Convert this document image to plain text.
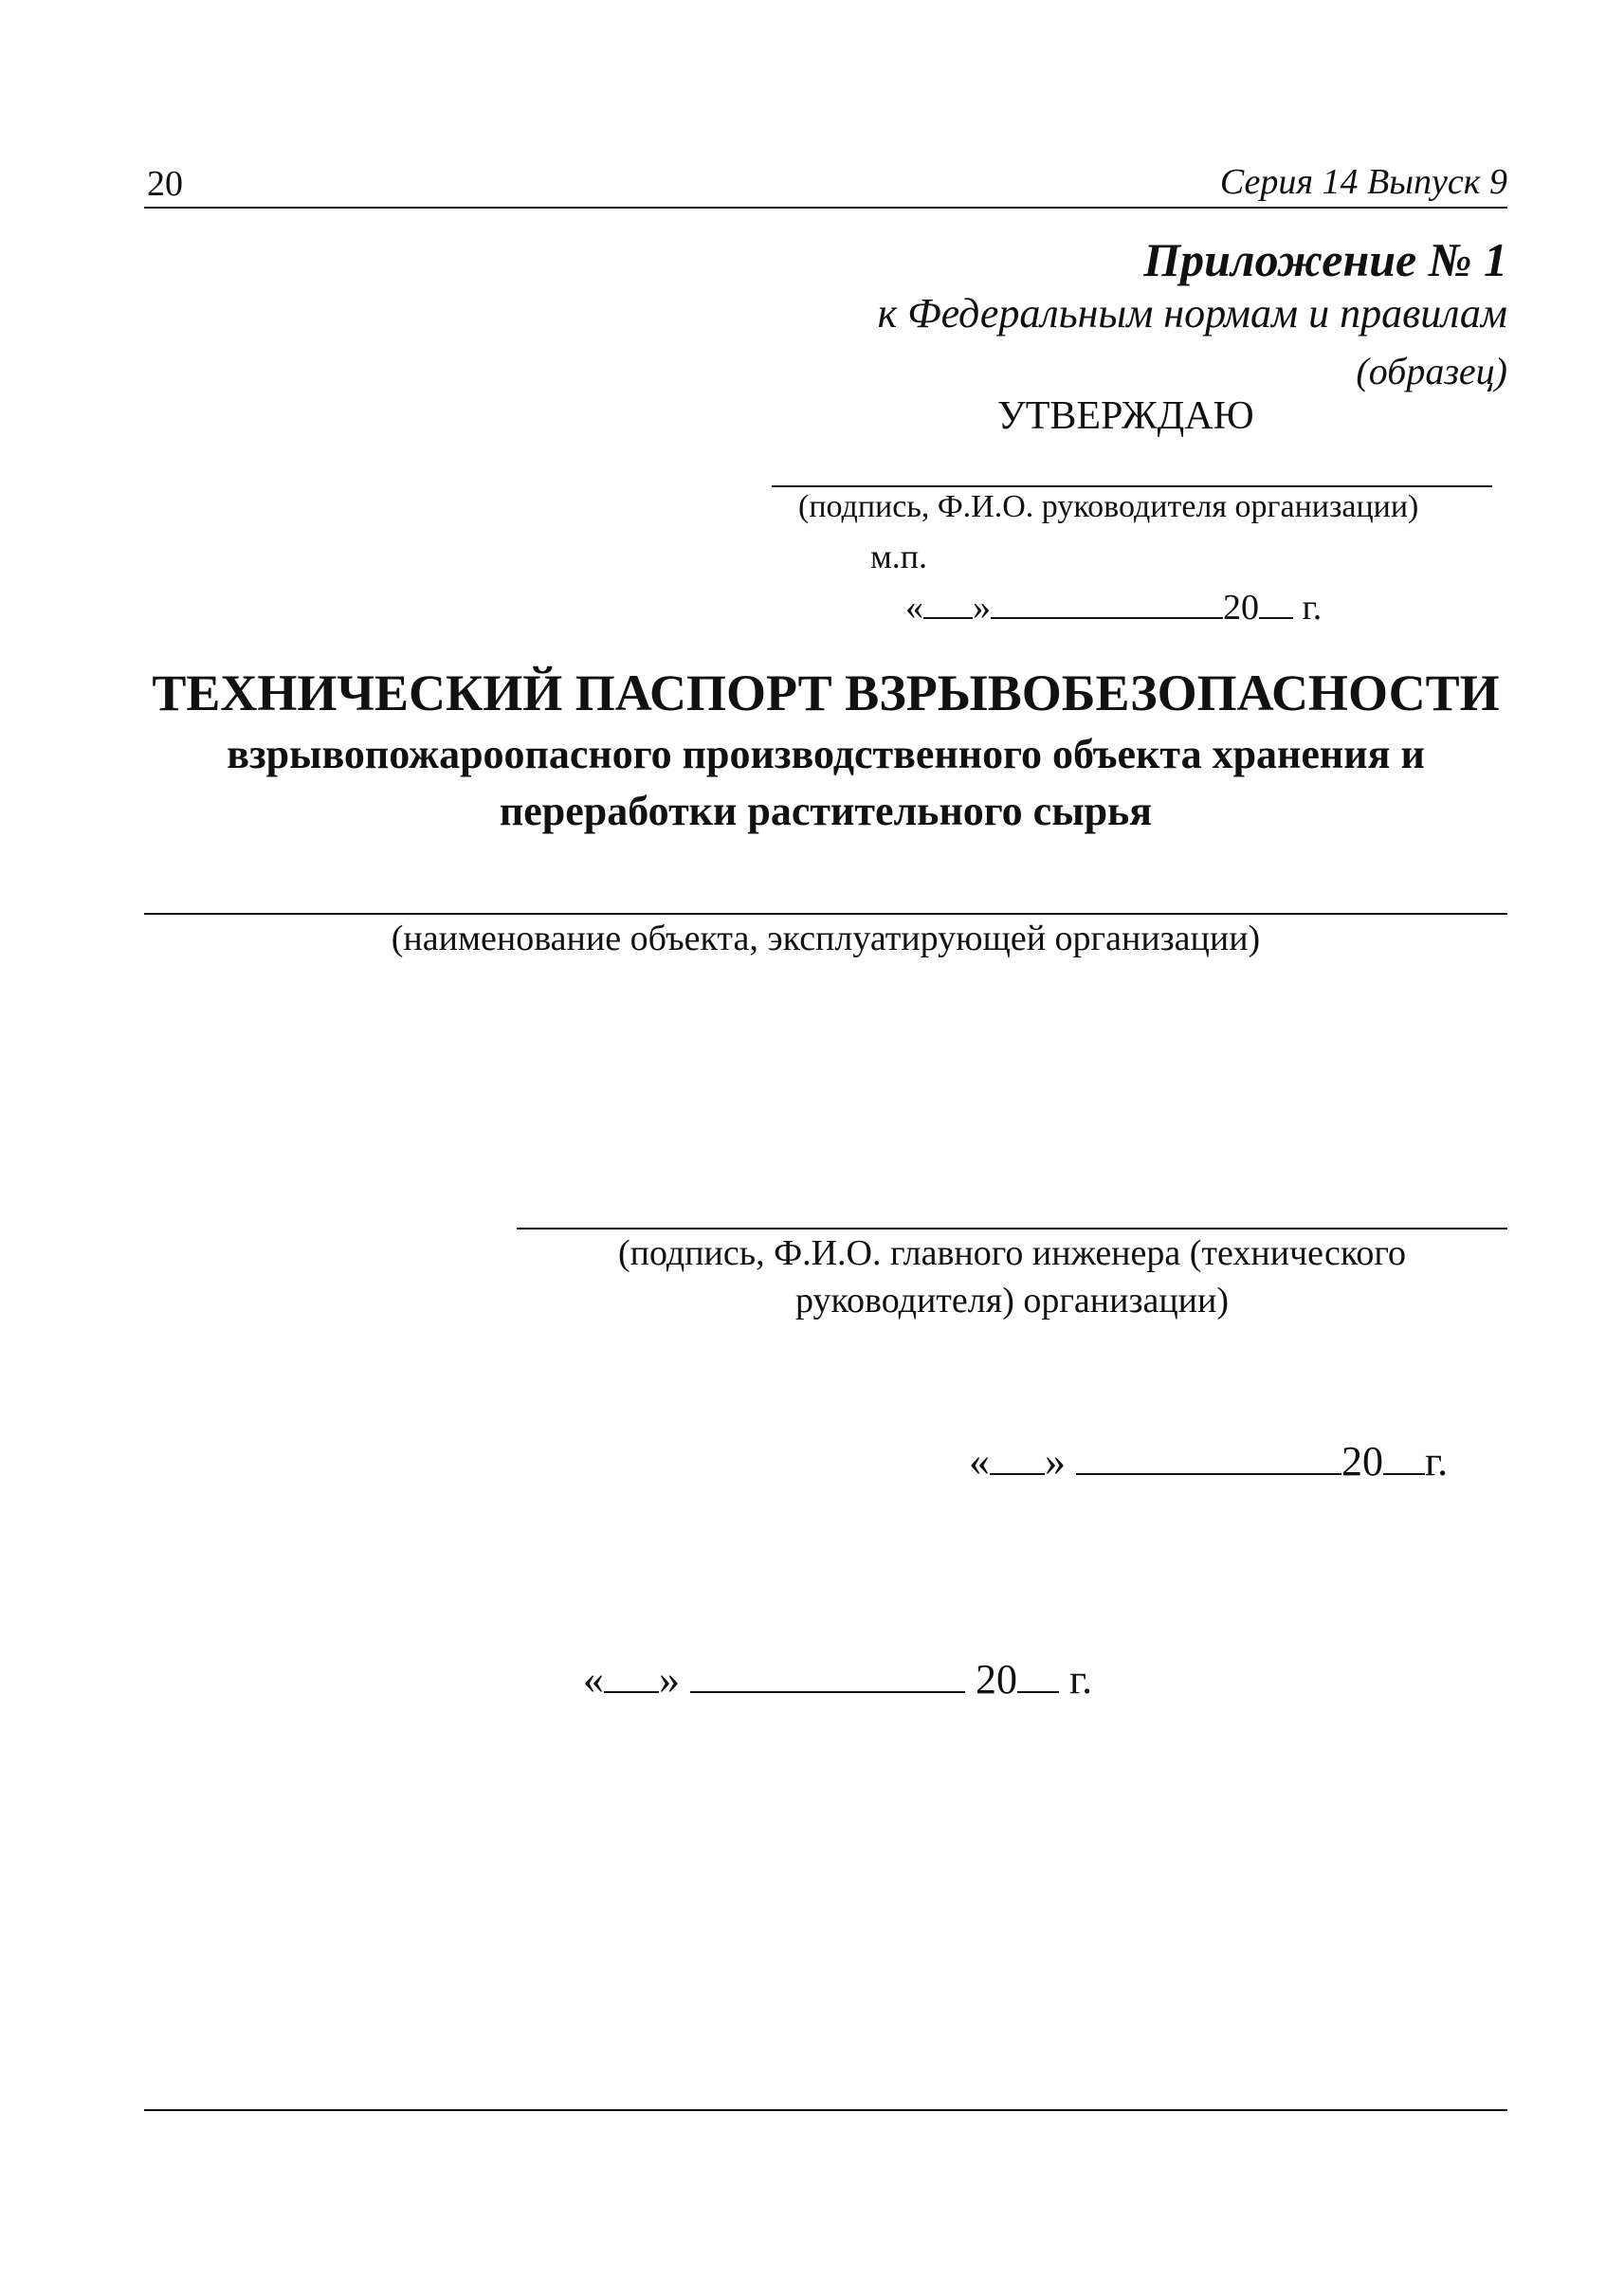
20	Серия 14 Выпуск 9
Приложение № 1
к Федеральным нормам и правилам
(образец)
УТВЕРЖДАЮ
(подпись, Ф.И.О. руководителя организации)
м.п.
« »	20 г.
ТЕХНИЧЕСКИЙ ПАСПОРТ ВЗРЫВОБЕЗОПАСНОСТИ
взрывопожароопасного производственного объекта хранения и
переработки растительного сырья
(наименование объекта, эксплуатирующей организации)
(подпись, Ф.И.О. главного инженера (технического
руководителя) организации)
« »	20 г.
« »	20 г.
